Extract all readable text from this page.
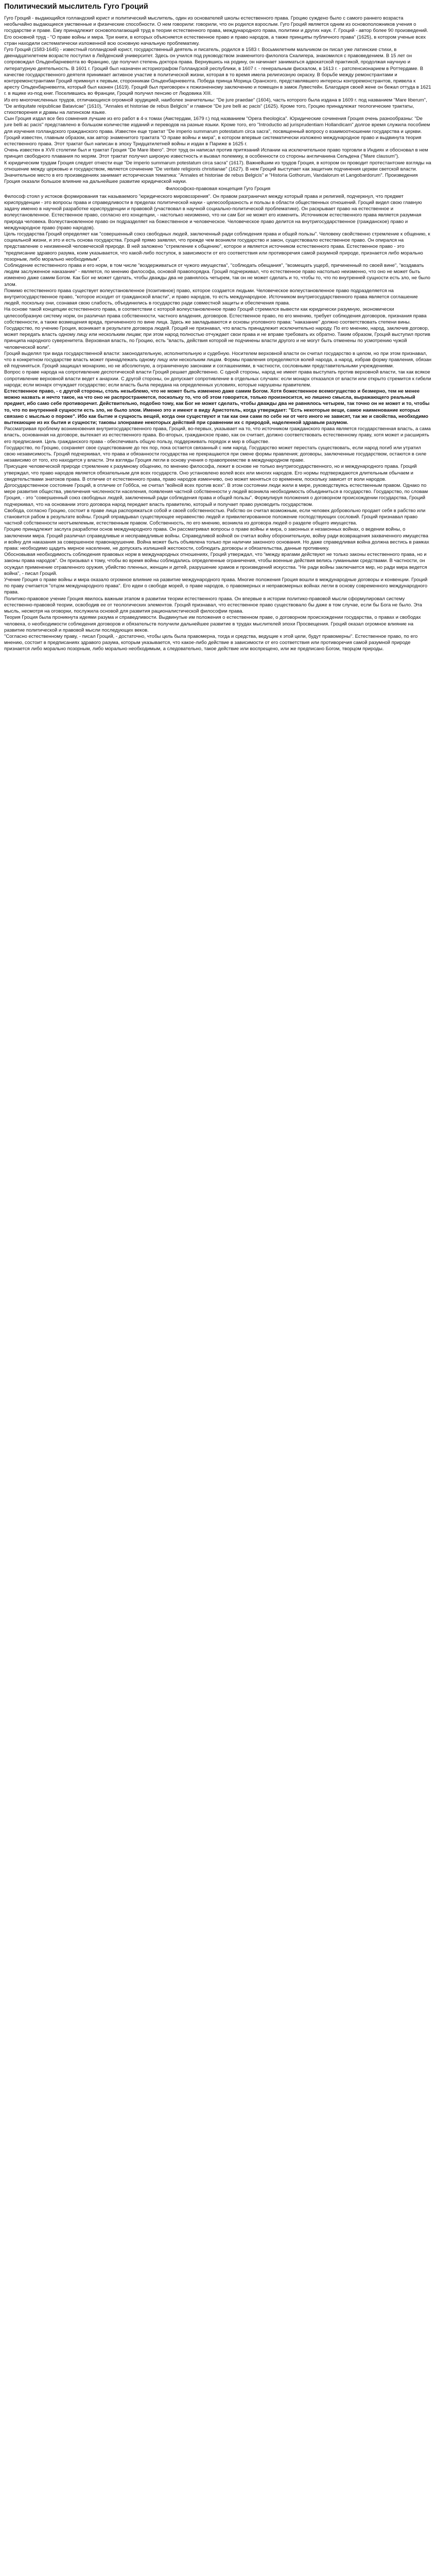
Политический мыслитель Гуго Гроций

Гуго Гроций - выдающийся голландский юрист и политический мыслитель, один из основателей школы естественного права. Гроцию суждено было с самого раннего возраста необычайно выдающиеся умственные и физические способности. О нем говорили: говорили, что он родился взрослым. Гуго Гроций является одним из основоположников учения о государстве и праве. Ему принадлежит основополагающий труд в теории естественного права, международного права, политики и других наук. Г. Гроций - автор более 90 произведений. Его основной труд - "О праве войны и мира. Три книги, в которых объясняется естественное право и право народов, а также принципы публичного права" (1625), в котором ученые всех стран находили систематически изложенной всю основную начальную проблематику.

Гуго Гроций (1583-1645) - известный голландский юрист, государственный деятель и писатель, родился в 1583 г. Восьмилетним мальчиком он писал уже латинские стихи, в двенадцатилетнем возрасте поступил в Лейденский университет. Здесь он учился под руководством знаменитого филолога Скалигера, знакомился с правоведением. В 15 лет он сопровождал Ольденбарневелта во Францию, где получил степень доктора права. Вернувшись на родину, он начинает заниматься адвокатской практикой, продолжая научную и литературную деятельность. В 1601 г. Гроций был назначен историографом Голландской республики, в 1607 г. - генеральным фискалом, в 1613 г. - ратспенсионарием в Роттердаме. В качестве государственного деятеля принимает активное участие в политической жизни, которая в то время имела религиозную окраску. В борьбе между ремонстрантами и контрремонстрантами Гроций примкнул к первым, сторонникам Ольденбарневелта. Победа принца Морица Оранского, представлявшего интересы контрремонстрантов, привела к аресту Ольденбарневелта, который был казнен (1619). Гроций был приговорен к пожизненному заключению и помещен в замок Лувестейн. Благодаря своей жене он бежал оттуда в 1621 г. в ящике из-под книг. Поселившись во Франции, Гроций получил пенсию от Людовика XIII.

Из его многочисленных трудов, отличающихся огромной эрудицией, наиболее значительны: "De jure praedae" (1604), часть которого была издана в 1609 г. под названием "Mare liberum", "De antiquitate reipublicae Batavicae" (1610), "Annales et historiae de rebus Belgicis" и главное "De jure belli ac pacis" (1625). Кроме того, Гроцию принадлежат теологические трактаты, стихотворения и драмы на латинском языке.

Сын Гроция издал все без сомнения лучшие из его работ в 4-х томах (Амстердам, 1679 г.) под названием "Opera theologica". Юридические сочинения Гроция очень разнообразны: "De jure belli ac pacis" представлено в большом количестве изданий и переводов на разные языки. Кроме того, его "Introductio ad jurisprudentiam Hollandicam" долгое время служила пособием для изучения голландского гражданского права. Известен еще трактат "De imperio summarum potestatum circa sacra", посвященный вопросу о взаимоотношении государства и церкви.

Гроций известен, главным образом, как автор знаменитого трактата "О праве войны и мира", в котором впервые систематически изложено международное право и выдвинута теория естественного права. Этот трактат был написан в эпоху Тридцатилетней войны и издан в Париже в 1625 г.

Очень известен в XVII столетии был и трактат Гроция "De Mare libero". Этот труд он написал против притязаний Испании на исключительное право торговли в Индиях и обосновал в нем принцип свободного плавания по морям. Этот трактат получил широкую известность и вызвал полемику, в особенности со стороны англичанина Сельдена ("Mare clausum").

К юридическим трудам Гроция следует отнести еще "De imperio summarum potestatum circa sacra" (1617). Важнейшим из трудов Гроция, в котором он проводит протестантские взгляды на отношение между церковью и государством, является сочинение "De veritate religionis christianae" (1627). В нем Гроций выступает как защитник подчинения церкви светской власти. Значительное место в его произведениях занимает историческая тематика: "Annales et historiae de rebus Belgicis" и "Historia Gothorum, Vandalorum et Langobardorum". Произведения Гроция оказали большое влияние на дальнейшее развитие юридической науки.

Философско-правовая концепция Гуго Гроция

Философ стоял у истоков формирования так называемого "юридического мировоззрения". Он правом разграничил между который права и религией, подчеркнул, что предмет юриспруденции - это вопросы права и справедливости в пределах политической науки - целесообразность и пользы в области общественных отношений. Гроций видел свою главную задачу именно в научной разработке юриспруденции и правовой (участвовал в научной социально-политической проблематике). Он раскрывает право на естественное и волеустановленное. Естественное право, согласно его концепции, - настолько неизменно, что ни сам Бог не может его изменить. Источником естественного права является разумная природа человека. Волеустановленное право он подразделяет на божественное и человеческое. Человеческое право делится на внутригосударственное (гражданское) право и международное право (право народов).

Цель государства Гроций определяет как "совершенный союз свободных людей, заключенный ради соблюдения права и общей пользы". Человеку свойственно стремление к общению, к социальной жизни, и это и есть основа государства. Гроций прямо заявлял, что прежде чем возникли государство и закон, существовало естественное право. Он опирался на представление о неизменной человеческой природе. В ней заложено "стремление к общению", которое и является источником естественного права. Естественное право - это "предписание здравого разума, коим указывается, что какой-либо поступок, в зависимости от его соответствия или противоречия самой разумной природе, признается либо морально позорным, либо морально необходимым".

Соблюдение естественного права и его норм, в том числе "воздерживаться от чужого имущества", "соблюдать обещания", "возмещать ущерб, причиненный по своей вине", "воздавать людям заслуженное наказание" - является, по мнению философа, основой правопорядка. Гроций подчеркивал, что естественное право настолько неизменно, что оно не может быть изменено даже самим Богом. Как Бог не может сделать, чтобы дважды два не равнялось четырем, так он не может сделать и то, чтобы то, что по внутренней сущности есть зло, не было злом.

Помимо естественного права существует волеустановленное (позитивное) право, которое создается людьми. Человеческое волеустановленное право подразделяется на внутригосударственное право, "которое исходит от гражданской власти", и право народов, то есть международное. Источником внутригосударственного права является соглашение людей, поскольку они, сознавая свою слабость, объединились в государство ради совместной защиты и обеспечения права.

На основе такой концепции естественного права, в соответствии с которой волеустановленное право Гроций стремился вывести как юридически разумную, экономически целесообразную систему норм, он различал права собственности, частного владения, договоров. Естественное право, по его мнению, требует соблюдения договоров, признания права собственности, а также возмещения вреда, причиненного по вине лица. Здесь же закладываются и основы уголовного права: "наказание" должно соответствовать степени вины.

Государство, по учению Гроция, возникает в результате договора людей. Гроций не признавал, что власть принадлежит исключительно народу. По его мнению, народ, заключив договор, может передать власть одному лицу или нескольким лицам; при этом народ полностью отчуждает свои права и не вправе требовать их обратно. Таким образом, Гроций выступил против принципа народного суверенитета. Верховная власть, по Гроцию, есть "власть, действия которой не подчинены власти другого и не могут быть отменены по усмотрению чужой человеческой воли".

Гроций выделял три вида государственной власти: законодательную, исполнительную и судебную. Носителем верховной власти он считал государство в целом, но при этом признавал, что в конкретном государстве власть может принадлежать одному лицу или нескольким лицам. Формы правления определяются волей народа, а народ, избрав форму правления, обязан ей подчиняться. Гроций защищал монархию, но не абсолютную, а ограниченную законами и соглашениями, в частности, сословными представительными учреждениями.

Вопрос о праве народа на сопротивление деспотической власти Гроций решает двойственно. С одной стороны, народ не имеет права выступать против верховной власти, так как всякое сопротивление верховной власти ведет к анархии. С другой стороны, он допускает сопротивление в отдельных случаях: если монарх отказался от власти или открыто стремится к гибели народа; если монарх отчуждает государство; если власть была передана на определенных условиях, которые нарушены правителем.

Естественное право, - с другой стороны, столь незыблемо, что не может быть изменено даже самим Богом. Хотя божественное всемогущество и безмерно, тем не менее можно назвать и нечто такое, на что оно не распространяется, поскольку то, что об этом говорится, только произносится, но лишено смысла, выражающего реальный предмет, ибо само себе противоречит. Действительно, подобно тому, как Бог не может сделать, чтобы дважды два не равнялось четырем, так точно он не может и то, чтобы то, что по внутренней сущности есть зло, не было злом. Именно это и имеют в виду Аристотель, когда утверждает: "Есть некоторые вещи, самое наименование которых связано с мыслью о пороке". Ибо как бытие и сущность вещей, когда они существуют и так как они сами по себе ни от чего иного не зависят, так же и свойства, необходимо вытекающие из их бытия и сущности; таковы злонравие некоторых действий при сравнении их с природой, наделенной здравым разумом.

Рассматривая проблему возникновения внутригосударственного права, Гроций, во-первых, указывает на то, что источником гражданского права является государственная власть, а сама власть, основанная на договоре, вытекает из естественного права. Во-вторых, гражданское право, как он считает, должно соответствовать естественному праву, хотя может и расширять его предписания. Цель гражданского права - обеспечивать общую пользу, поддерживать порядок и мир в обществе.

Государство, по Гроцию, сохраняет свое существование до тех пор, пока остается связанный с ним народ. Государство может перестать существовать, если народ погиб или утратил свою независимость. Гроций подчеркивал, что права и обязанности государства не прекращаются при смене формы правления; договоры, заключенные государством, остаются в силе независимо от того, кто находится у власти. Эти взгляды Гроция легли в основу учения о правопреемстве в международном праве.

Присущее человеческой природе стремление к разумному общению, по мнению философа, лежит в основе не только внутригосударственного, но и международного права. Гроций утверждал, что право народов является обязательным для всех государств. Оно установлено волей всех или многих народов. Его нормы подтверждаются длительным обычаем и свидетельствами знатоков права. В отличие от естественного права, право народов изменчиво, оно может меняться со временем, поскольку зависит от воли народов.

Догосударственное состояние Гроций, в отличие от Гоббса, не считал "войной всех против всех". В этом состоянии люди жили в мире, руководствуясь естественным правом. Однако по мере развития общества, увеличения численности населения, появления частной собственности у людей возникла необходимость объединиться в государство. Государство, по словам Гроция, - это "совершенный союз свободных людей, заключенный ради соблюдения права и общей пользы". Формулируя положения о договорном происхождении государства, Гроций подчеркивал, что на основании этого договора народ передает власть правителю, который и получает право руководить государством.

Свобода, согласно Гроцию, состоит в праве лица распоряжаться собой и своей собственностью. Рабство он считал возможным, если человек добровольно продает себя в рабство или становится рабом в результате войны. Гроций оправдывал существующее неравенство людей и привилегированное положение господствующих сословий. Гроций признавал право частной собственности неотъемлемым, естественным правом. Собственность, по его мнению, возникла из договора людей о разделе общего имущества.

Гроцию принадлежит заслуга разработки основ международного права. Он рассматривал вопросы о праве войны и мира, о законных и незаконных войнах, о ведении войны, о заключении мира. Гроций различал справедливые и несправедливые войны. Справедливой войной он считал войну оборонительную, войну ради возвращения захваченного имущества и войну для наказания за совершенное правонарушение. Война может быть объявлена только при наличии законного основания. Но даже справедливая война должна вестись в рамках права: необходимо щадить мирное население, не допускать излишней жестокости, соблюдать договоры и обязательства, данные противнику.

Обосновывая необходимость соблюдения правовых норм в международных отношениях, Гроций утверждал, что "между врагами действуют не только законы естественного права, но и законы права народов". Он призывал к тому, чтобы во время войны соблюдались определенные ограничения, чтобы военные действия велись гуманными средствами. В частности, он осуждал применение отравленного оружия, убийство пленных, женщин и детей, разрушение храмов и произведений искусства. "Не ради войны заключается мир, но ради мира ведется война", - писал Гроций.

Учение Гроция о праве войны и мира оказало огромное влияние на развитие международного права. Многие положения Гроция вошли в международные договоры и конвенции. Гроций по праву считается "отцом международного права". Его идеи о свободе морей, о праве народов, о правомерных и неправомерных войнах легли в основу современного международного права.

Политико-правовое учение Гроция явилось важным этапом в развитии теории естественного права. Он впервые в истории политико-правовой мысли сформулировал систему естественно-правовой теории, освободив ее от теологических элементов. Гроций признавал, что естественное право существовало бы даже в том случае, если бы Бога не было. Эта мысль, несмотря на оговорки, послужила основой для развития рационалистической философии права.

Теория Гроция была проникнута идеями разума и справедливости. Выдвинутые им положения о естественном праве, о договорном происхождении государства, о правах и свободах человека, о необходимости соблюдения договоров и обязательств получили дальнейшее развитие в трудах мыслителей эпохи Просвещения. Гроций оказал огромное влияние на развитие политической и правовой мысли последующих веков.

"Согласно естественному праву, - писал Гроций, - достаточно, чтобы цель была правомерна, тогда и средства, ведущие к этой цели, будут правомерны". Естественное право, по его мнению, состоит в предписаниях здравого разума, которым указывается, что какое-либо действие в зависимости от его соответствия или противоречия самой разумной природе признается либо морально позорным, либо морально необходимым, а следовательно, такое действие или воспрещено, или же предписано Богом, творцом природы.
